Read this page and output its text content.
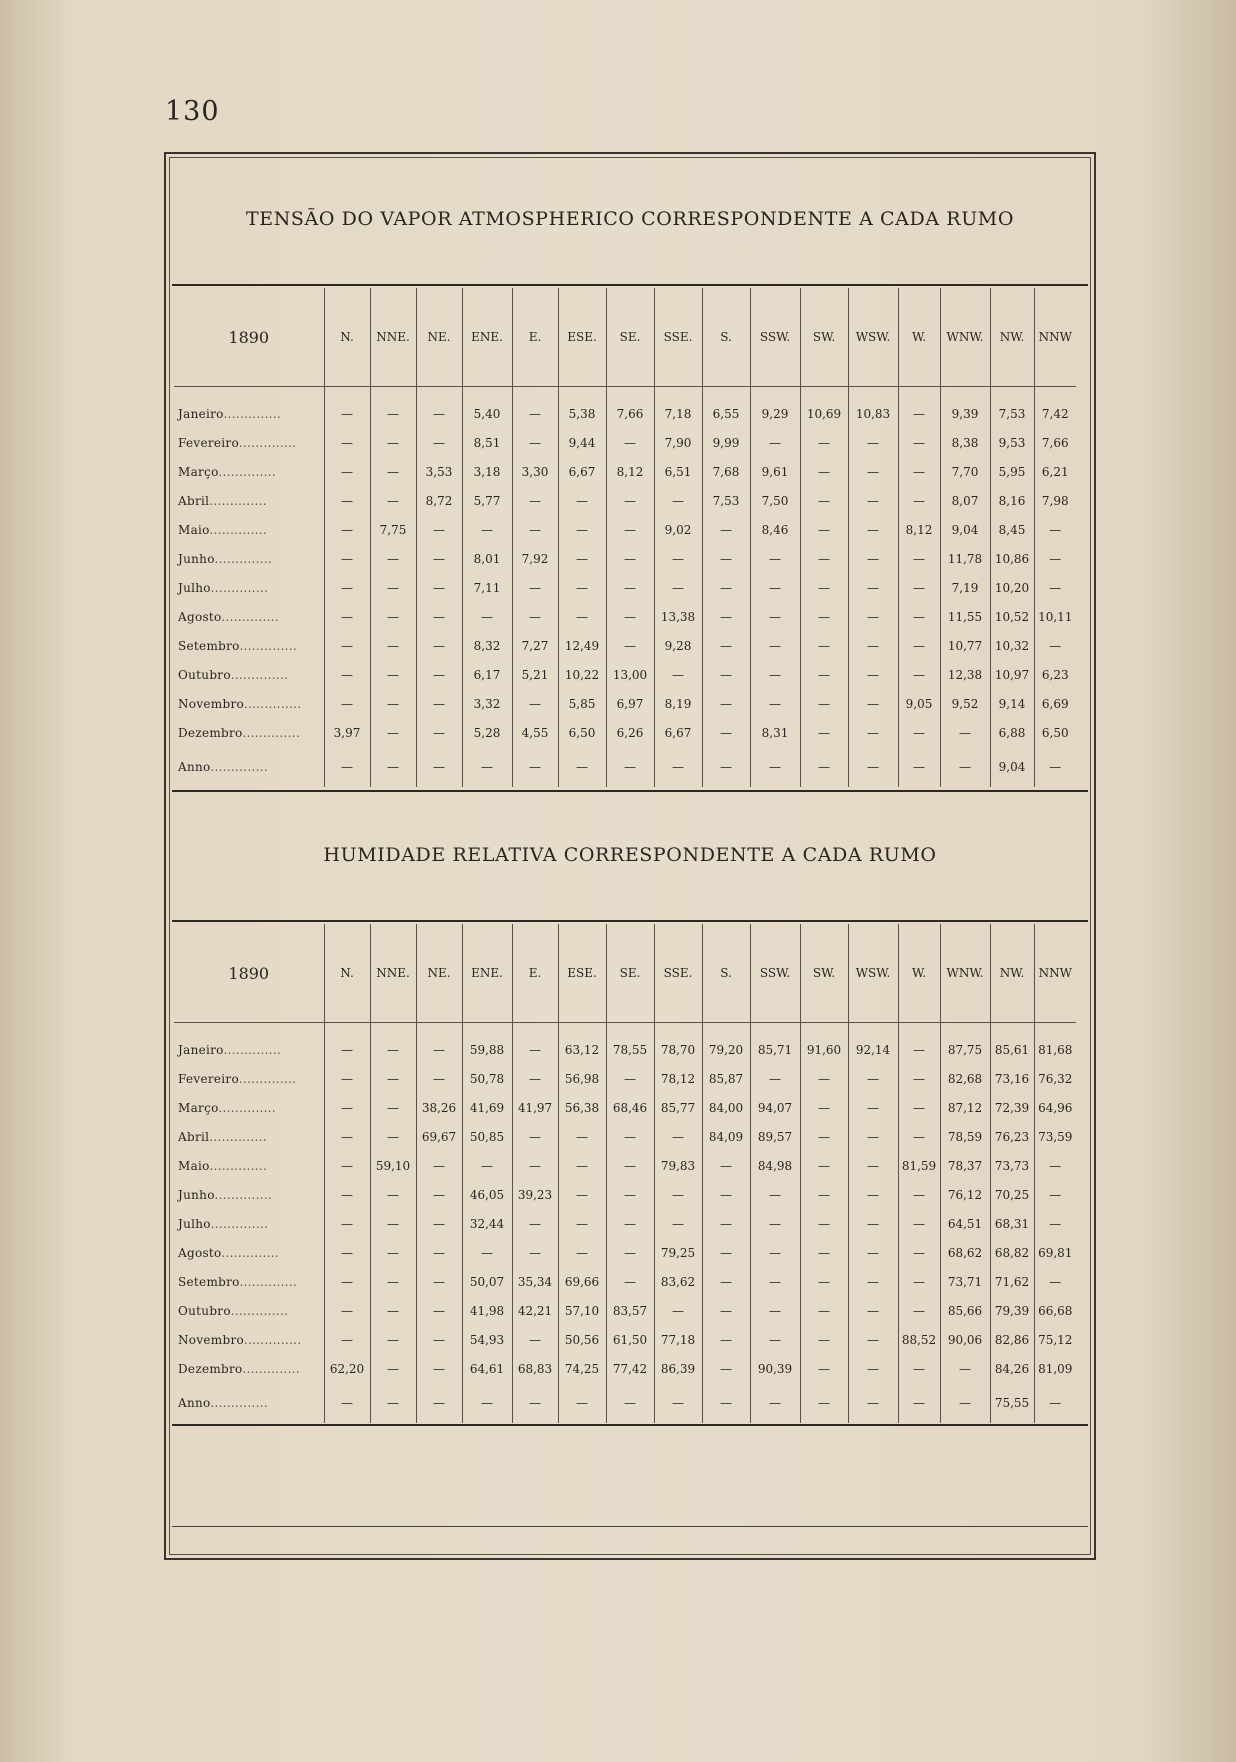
130
TENSÃO DO VAPOR ATMOSPHERICO CORRESPONDENTE A CADA RUMO
1890	N.	NNE.	NE.	ENE.	E.	ESE.	SE.	SSE.	S.	SSW.	SW.	WSW.	W.	WNW.	NW.	NNW

Janeiro..............	—	—	—	5,40	—	5,38	7,66	7,18	6,55	9,29	10,69	10,83	—	9,39	7,53	7,42
Fevereiro..............	—	—	—	8,51	—	9,44	—	7,90	9,99	—	—	—	—	8,38	9,53	7,66
Março..............	—	—	3,53	3,18	3,30	6,67	8,12	6,51	7,68	9,61	—	—	—	7,70	5,95	6,21
Abril..............	—	—	8,72	5,77	—	—	—	—	7,53	7,50	—	—	—	8,07	8,16	7,98
Maio..............	—	7,75	—	—	—	—	—	9,02	—	8,46	—	—	8,12	9,04	8,45	—
Junho..............	—	—	—	8,01	7,92	—	—	—	—	—	—	—	—	11,78	10,86	—
Julho..............	—	—	—	7,11	—	—	—	—	—	—	—	—	—	7,19	10,20	—
Agosto..............	—	—	—	—	—	—	—	13,38	—	—	—	—	—	11,55	10,52	10,11
Setembro..............	—	—	—	8,32	7,27	12,49	—	9,28	—	—	—	—	—	10,77	10,32	—
Outubro..............	—	—	—	6,17	5,21	10,22	13,00	—	—	—	—	—	—	12,38	10,97	6,23
Novembro..............	—	—	—	3,32	—	5,85	6,97	8,19	—	—	—	—	9,05	9,52	9,14	6,69
Dezembro..............	3,97	—	—	5,28	4,55	6,50	6,26	6,67	—	8,31	—	—	—	—	6,88	6,50
Anno..............	—	—	—	—	—	—	—	—	—	—	—	—	—	—	9,04	—
HUMIDADE RELATIVA CORRESPONDENTE A CADA RUMO
1890	N.	NNE.	NE.	ENE.	E.	ESE.	SE.	SSE.	S.	SSW.	SW.	WSW.	W.	WNW.	NW.	NNW

Janeiro..............	—	—	—	59,88	—	63,12	78,55	78,70	79,20	85,71	91,60	92,14	—	87,75	85,61	81,68
Fevereiro..............	—	—	—	50,78	—	56,98	—	78,12	85,87	—	—	—	—	82,68	73,16	76,32
Março..............	—	—	38,26	41,69	41,97	56,38	68,46	85,77	84,00	94,07	—	—	—	87,12	72,39	64,96
Abril..............	—	—	69,67	50,85	—	—	—	—	84,09	89,57	—	—	—	78,59	76,23	73,59
Maio..............	—	59,10	—	—	—	—	—	79,83	—	84,98	—	—	81,59	78,37	73,73	—
Junho..............	—	—	—	46,05	39,23	—	—	—	—	—	—	—	—	76,12	70,25	—
Julho..............	—	—	—	32,44	—	—	—	—	—	—	—	—	—	64,51	68,31	—
Agosto..............	—	—	—	—	—	—	—	79,25	—	—	—	—	—	68,62	68,82	69,81
Setembro..............	—	—	—	50,07	35,34	69,66	—	83,62	—	—	—	—	—	73,71	71,62	—
Outubro..............	—	—	—	41,98	42,21	57,10	83,57	—	—	—	—	—	—	85,66	79,39	66,68
Novembro..............	—	—	—	54,93	—	50,56	61,50	77,18	—	—	—	—	88,52	90,06	82,86	75,12
Dezembro..............	62,20	—	—	64,61	68,83	74,25	77,42	86,39	—	90,39	—	—	—	—	84,26	81,09
Anno..............	—	—	—	—	—	—	—	—	—	—	—	—	—	—	75,55	—
